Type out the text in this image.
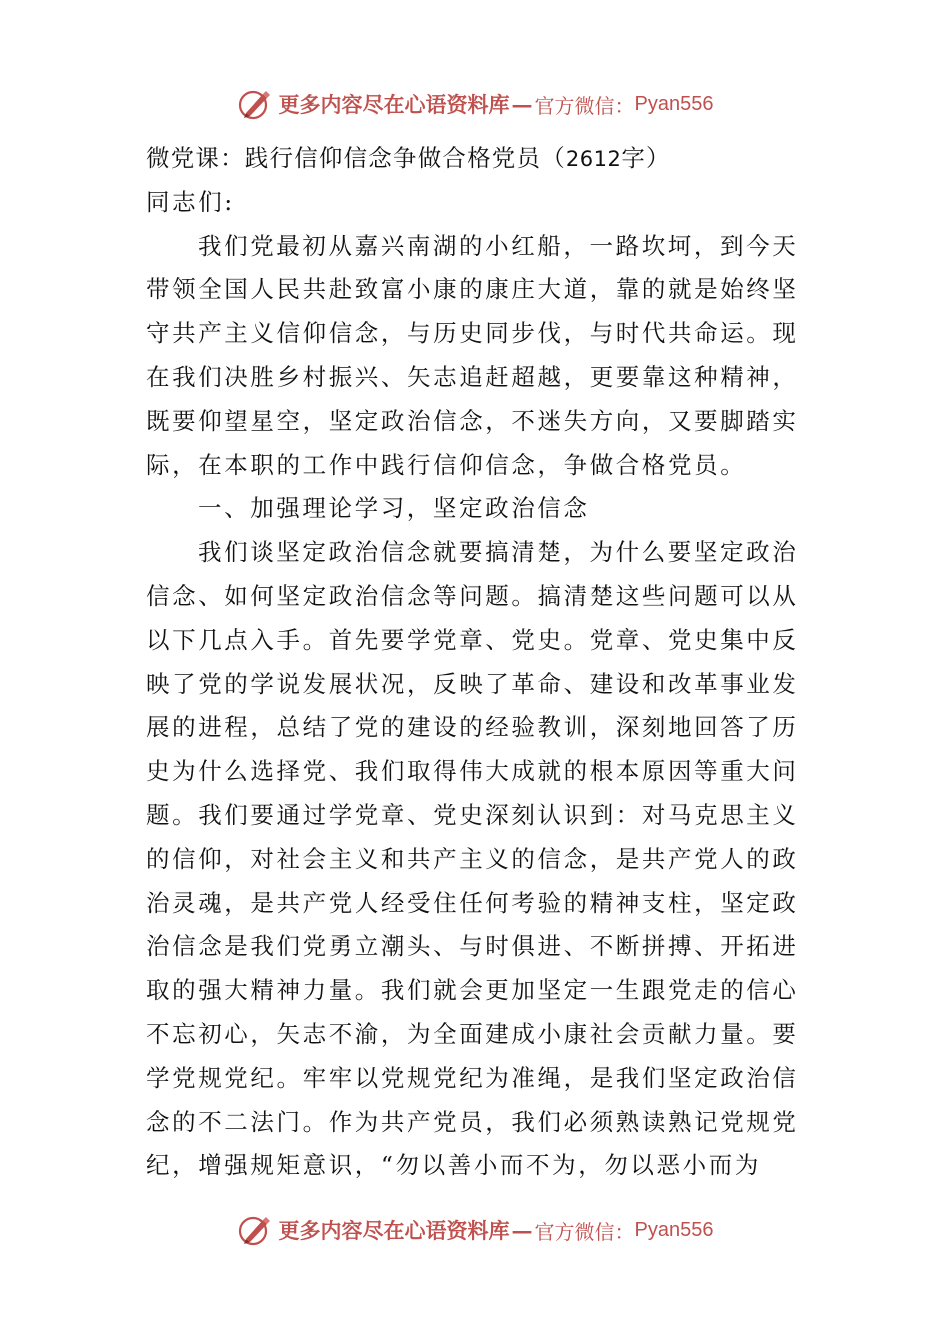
更多内容尽在心语资料库 — 官方微信： Pyan556
微党课：践行信仰信念争做合格党员（2612字）
同志们:
我们党最初从嘉兴南湖的小红船，一路坎坷，到今天
带领全国人民共赴致富小康的康庄大道，靠的就是始终坚
守共产主义信仰信念，与历史同步伐，与时代共命运。现
在我们决胜乡村振兴、矢志追赶超越，更要靠这种精神，
既要仰望星空，坚定政治信念，不迷失方向，又要脚踏实
际，在本职的工作中践行信仰信念，争做合格党员。
一、加强理论学习，坚定政治信念
我们谈坚定政治信念就要搞清楚，为什么要坚定政治
信念、如何坚定政治信念等问题。搞清楚这些问题可以从
以下几点入手。首先要学党章、党史。党章、党史集中反
映了党的学说发展状况，反映了革命、建设和改革事业发
展的进程，总结了党的建设的经验教训，深刻地回答了历
史为什么选择党、我们取得伟大成就的根本原因等重大问
题。我们要通过学党章、党史深刻认识到：对马克思主义
的信仰，对社会主义和共产主义的信念，是共产党人的政
治灵魂，是共产党人经受住任何考验的精神支柱，坚定政
治信念是我们党勇立潮头、与时俱进、不断拼搏、开拓进
取的强大精神力量。我们就会更加坚定一生跟党走的信心
不忘初心，矢志不渝，为全面建成小康社会贡献力量。要
学党规党纪。牢牢以党规党纪为准绳，是我们坚定政治信
念的不二法门。作为共产党员，我们必须熟读熟记党规党
纪，增强规矩意识，“勿以善小而不为，勿以恶小而为
更多内容尽在心语资料库 — 官方微信： Pyan556
